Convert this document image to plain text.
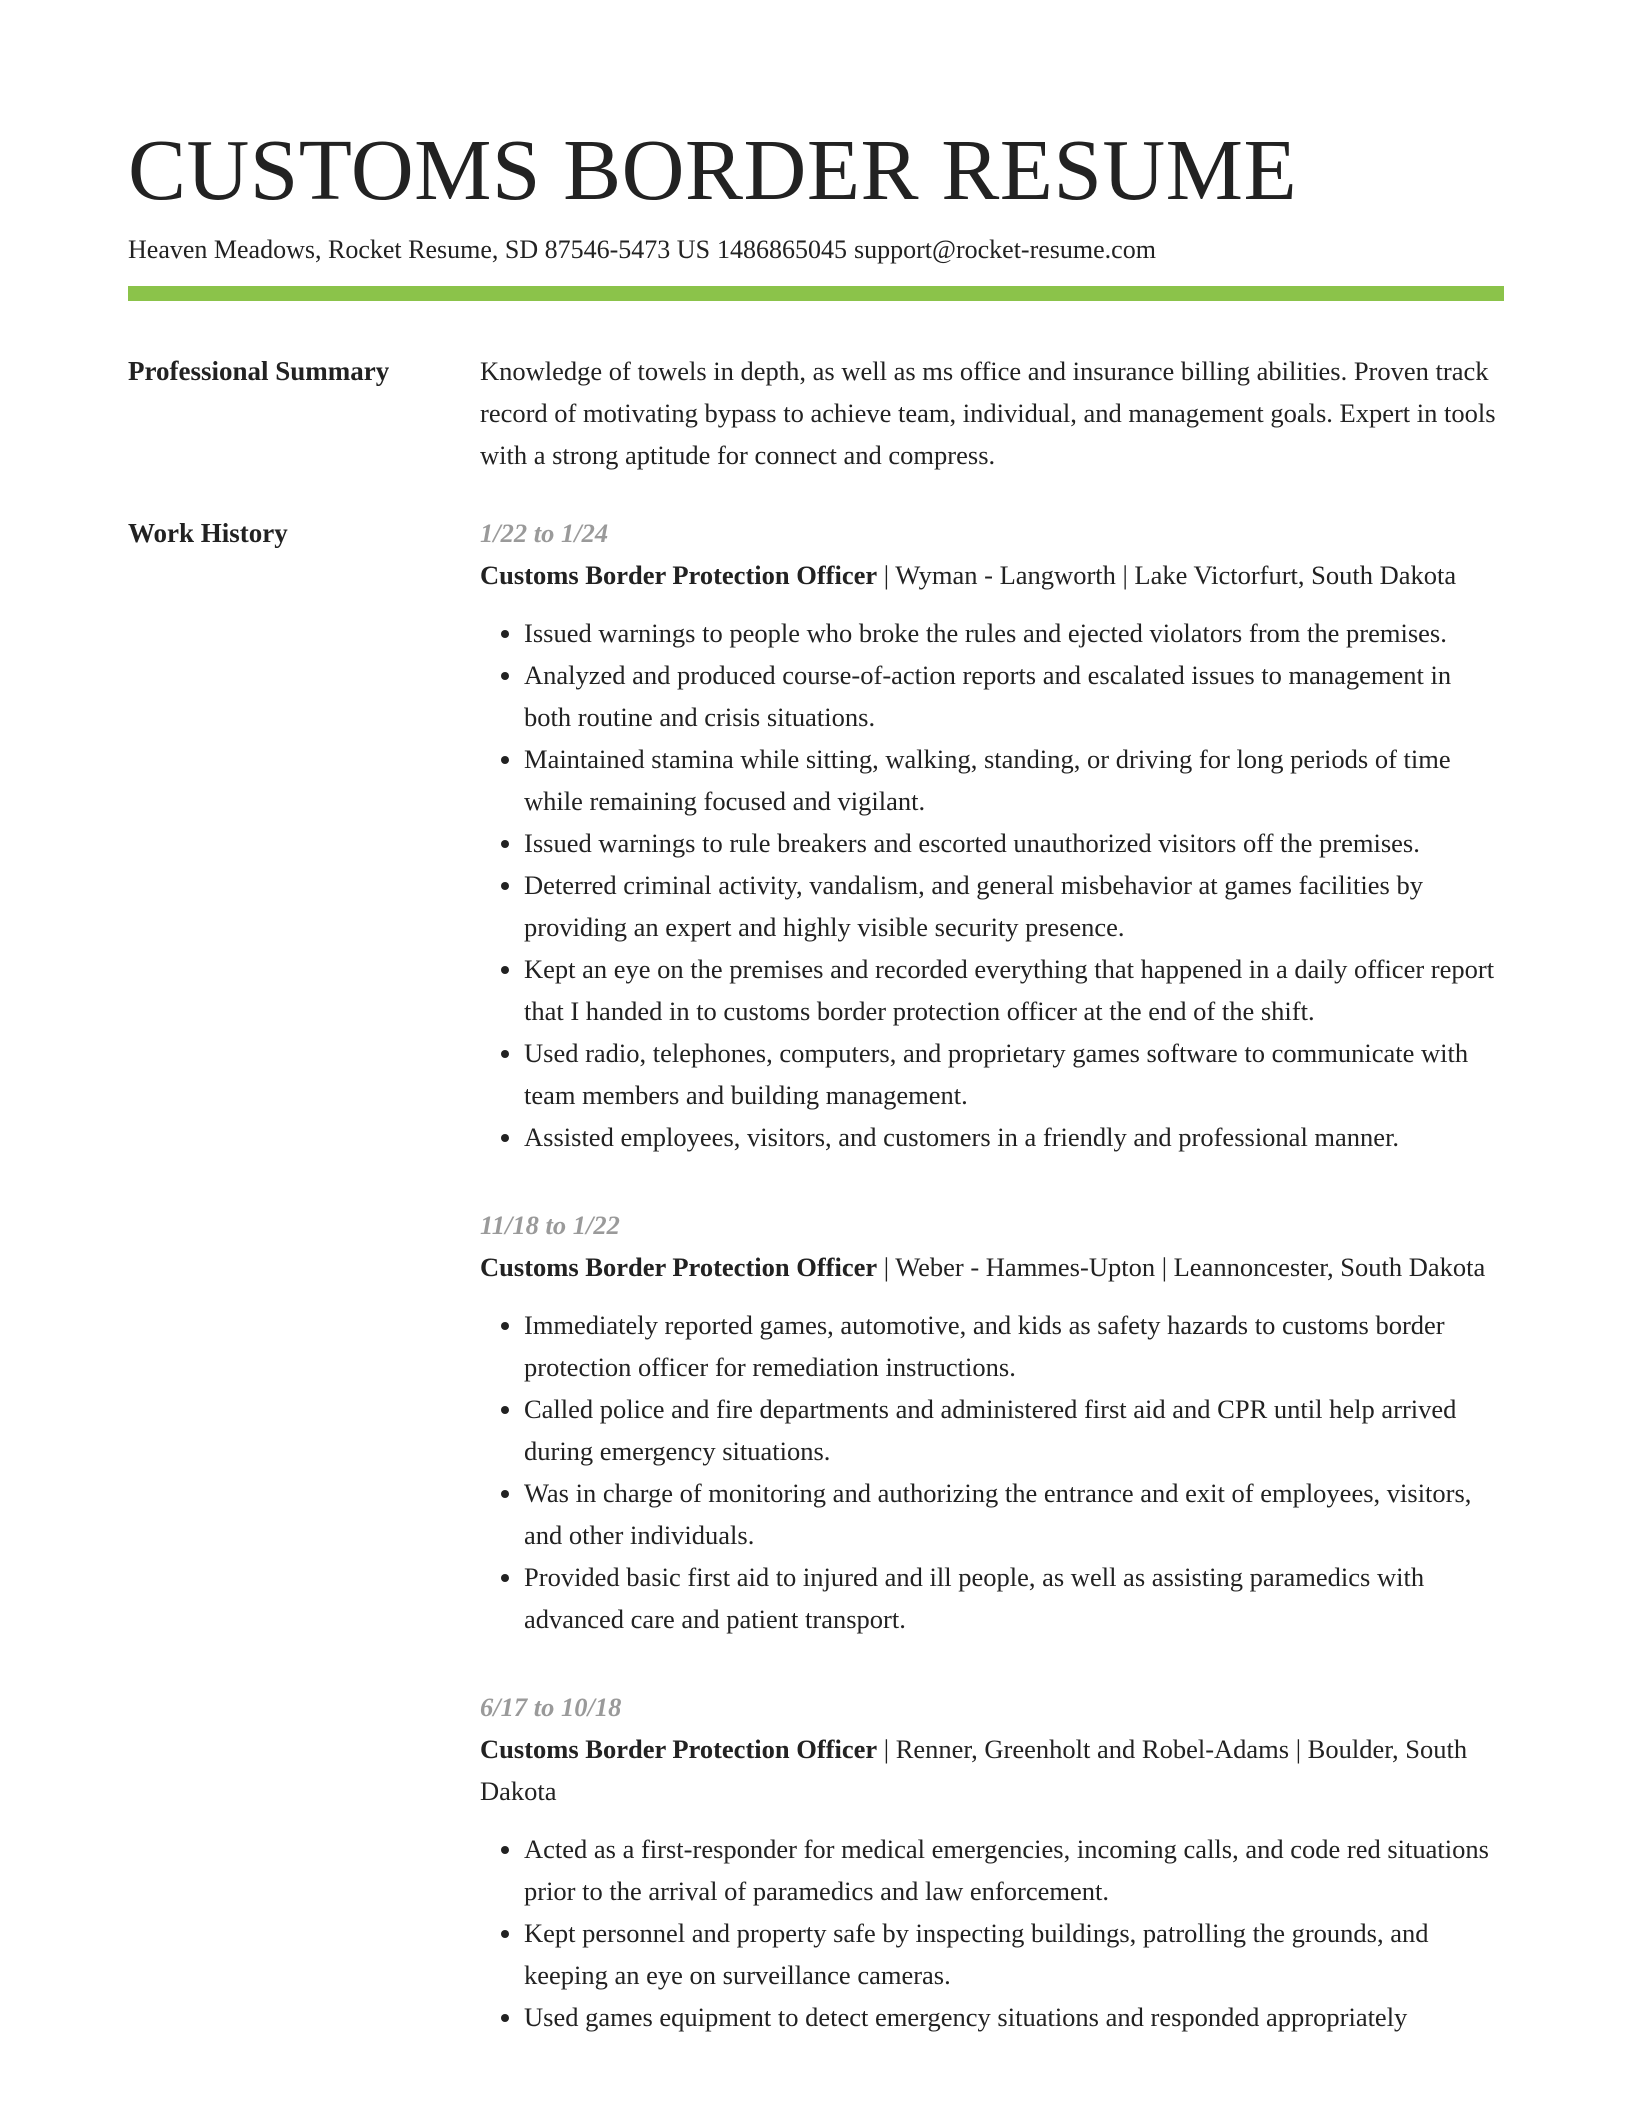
CUSTOMS BORDER RESUME
Heaven Meadows, Rocket Resume, SD 87546-5473 US 1486865045 support@rocket-resume.com
Professional Summary	Knowledge of towels in depth, as well as ms office and insurance billing abilities. Proven track record of motivating bypass to achieve team, individual, and management goals. Expert in tools with a strong aptitude for connect and compress.

Work History	1/22 to 1/24

Customs Border Protection Officer | Wyman - Langworth | Lake Victorfurt, South Dakota

• Issued warnings to people who broke the rules and ejected violators from the premises.
• Analyzed and produced course-of-action reports and escalated issues to management in both routine and crisis situations.
• Maintained stamina while sitting, walking, standing, or driving for long periods of time while remaining focused and vigilant.
• Issued warnings to rule breakers and escorted unauthorized visitors off the premises.
• Deterred criminal activity, vandalism, and general misbehavior at games facilities by providing an expert and highly visible security presence.
• Kept an eye on the premises and recorded everything that happened in a daily officer report that I handed in to customs border protection officer at the end of the shift.
• Used radio, telephones, computers, and proprietary games software to communicate with team members and building management.
• Assisted employees, visitors, and customers in a friendly and professional manner.
11/18 to 1/22

Customs Border Protection Officer | Weber - Hammes-Upton | Leannoncester, South Dakota

• Immediately reported games, automotive, and kids as safety hazards to customs border protection officer for remediation instructions.
• Called police and fire departments and administered first aid and CPR until help arrived during emergency situations.
• Was in charge of monitoring and authorizing the entrance and exit of employees, visitors, and other individuals.
• Provided basic first aid to injured and ill people, as well as assisting paramedics with advanced care and patient transport.
6/17 to 10/18

Customs Border Protection Officer | Renner, Greenholt and Robel-Adams | Boulder, South Dakota

• Acted as a first-responder for medical emergencies, incoming calls, and code red situations prior to the arrival of paramedics and law enforcement.
• Kept personnel and property safe by inspecting buildings, patrolling the grounds, and keeping an eye on surveillance cameras.
• Used games equipment to detect emergency situations and responded appropriately
